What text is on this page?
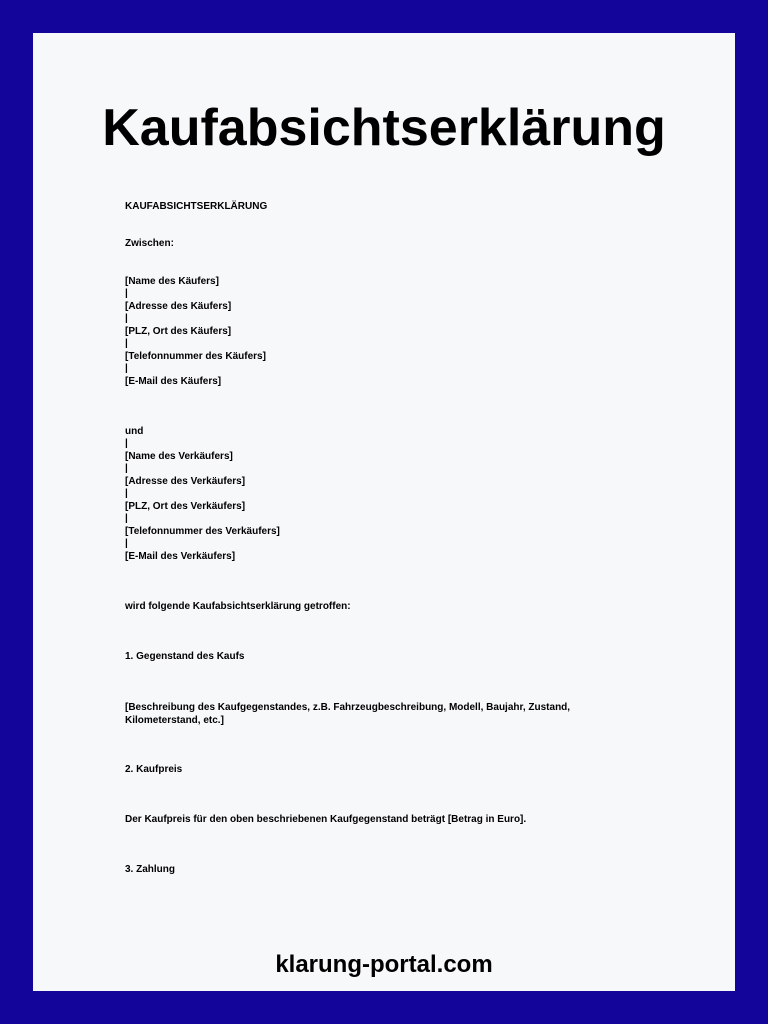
Kaufabsichtserklärung
KAUFABSICHTSERKLÄRUNG
Zwischen:
[Name des Käufers]
|
[Adresse des Käufers]
|
[PLZ, Ort des Käufers]
|
[Telefonnummer des Käufers]
|
[E-Mail des Käufers]
und
|
[Name des Verkäufers]
|
[Adresse des Verkäufers]
|
[PLZ, Ort des Verkäufers]
|
[Telefonnummer des Verkäufers]
|
[E-Mail des Verkäufers]
wird folgende Kaufabsichtserklärung getroffen:
1. Gegenstand des Kaufs
[Beschreibung des Kaufgegenstandes, z.B. Fahrzeugbeschreibung, Modell, Baujahr, Zustand, Kilometerstand, etc.]
2. Kaufpreis
Der Kaufpreis für den oben beschriebenen Kaufgegenstand beträgt [Betrag in Euro].
3. Zahlung
klarung-portal.com
